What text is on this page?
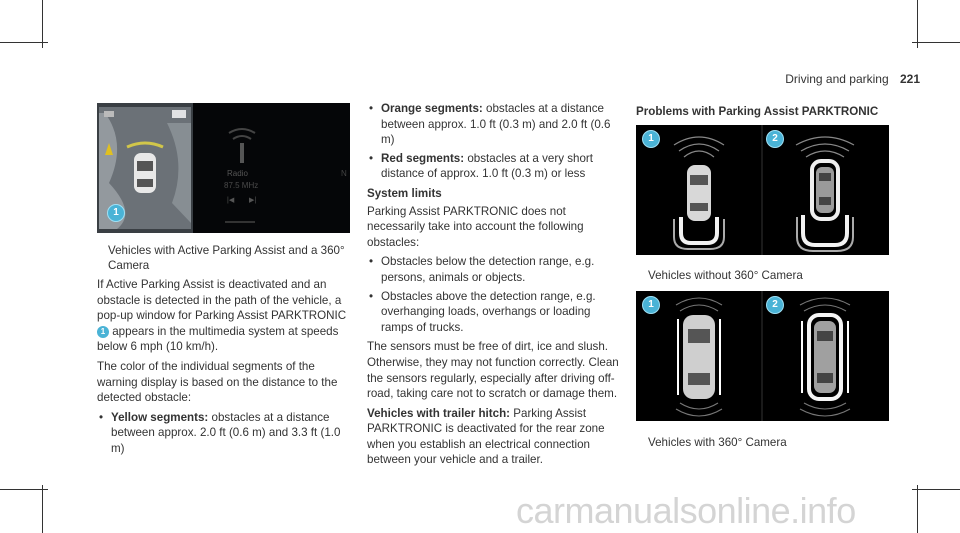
Driving and parking 221
1
Radio
87.5 MHz
|◀ ▶|
N

Vehicles with Active Parking Assist and a 360° Camera

If Active Parking Assist is deactivated and an obstacle is detected in the path of the vehicle, a pop-up window for Parking Assist PARKTRONIC 1 appears in the multimedia system at speeds below 6 mph (10 km/h).

The color of the individual segments of the warning display is based on the distance to the detected obstacle:

• Yellow segments: obstacles at a distance between approx. 2.0 ft (0.6 m) and 3.3 ft (1.0 m)
• Orange segments: obstacles at a distance between approx. 1.0 ft (0.3 m) and 2.0 ft (0.6 m)
• Red segments: obstacles at a very short distance of approx. 1.0 ft (0.3 m) or less
System limits

Parking Assist PARKTRONIC does not necessarily take into account the following obstacles:

• Obstacles below the detection range, e.g. persons, animals or objects.
• Obstacles above the detection range, e.g. overhanging loads, overhangs or loading ramps of trucks.

The sensors must be free of dirt, ice and slush. Otherwise, they may not function correctly. Clean the sensors regularly, especially after driving off-road, taking care not to scratch or damage them.

Vehicles with trailer hitch: Parking Assist PARKTRONIC is deactivated for the rear zone when you establish an electrical connection between your vehicle and a trailer.

Problems with Parking Assist PARKTRONIC
1	2
Vehicles without 360° Camera
1	2
Vehicles with 360° Camera
carmanualsonline.info
